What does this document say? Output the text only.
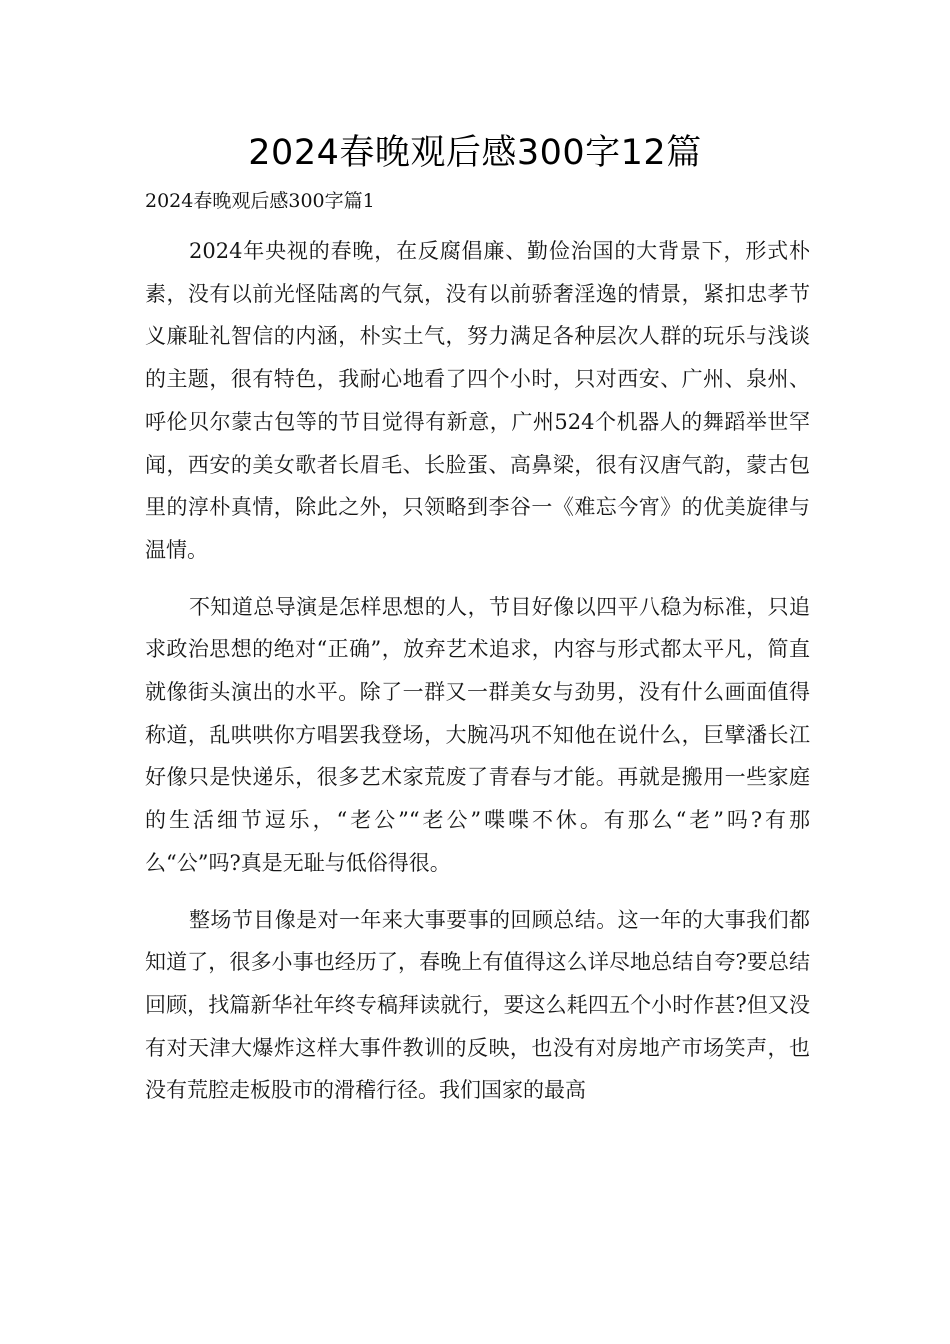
2024春晚观后感300字12篇
2024春晚观后感300字篇1

2024年央视的春晚，在反腐倡廉、勤俭治国的大背景下，形式朴素，没有以前光怪陆离的气氛，没有以前骄奢淫逸的情景，紧扣忠孝节义廉耻礼智信的内涵，朴实土气，努力满足各种层次人群的玩乐与浅谈的主题，很有特色，我耐心地看了四个小时，只对西安、广州、泉州、呼伦贝尔蒙古包等的节目觉得有新意，广州524个机器人的舞蹈举世罕闻，西安的美女歌者长眉毛、长脸蛋、高鼻梁，很有汉唐气韵，蒙古包里的淳朴真情，除此之外，只领略到李谷一《难忘今宵》的优美旋律与温情。

不知道总导演是怎样思想的人，节目好像以四平八稳为标准，只追求政治思想的绝对“正确”，放弃艺术追求，内容与形式都太平凡，简直就像街头演出的水平。除了一群又一群美女与劲男，没有什么画面值得称道，乱哄哄你方唱罢我登场，大腕冯巩不知他在说什么，巨擘潘长江好像只是快递乐，很多艺术家荒废了青春与才能。再就是搬用一些家庭的生活细节逗乐，“老公”“老公”喋喋不休。有那么“老”吗?有那么“公”吗?真是无耻与低俗得很。

整场节目像是对一年来大事要事的回顾总结。这一年的大事我们都知道了，很多小事也经历了，春晚上有值得这么详尽地总结自夸?要总结回顾，找篇新华社年终专稿拜读就行，要这么耗四五个小时作甚?但又没有对天津大爆炸这样大事件教训的反映，也没有对房地产市场笑声，也没有荒腔走板股市的滑稽行径。我们国家的最高
